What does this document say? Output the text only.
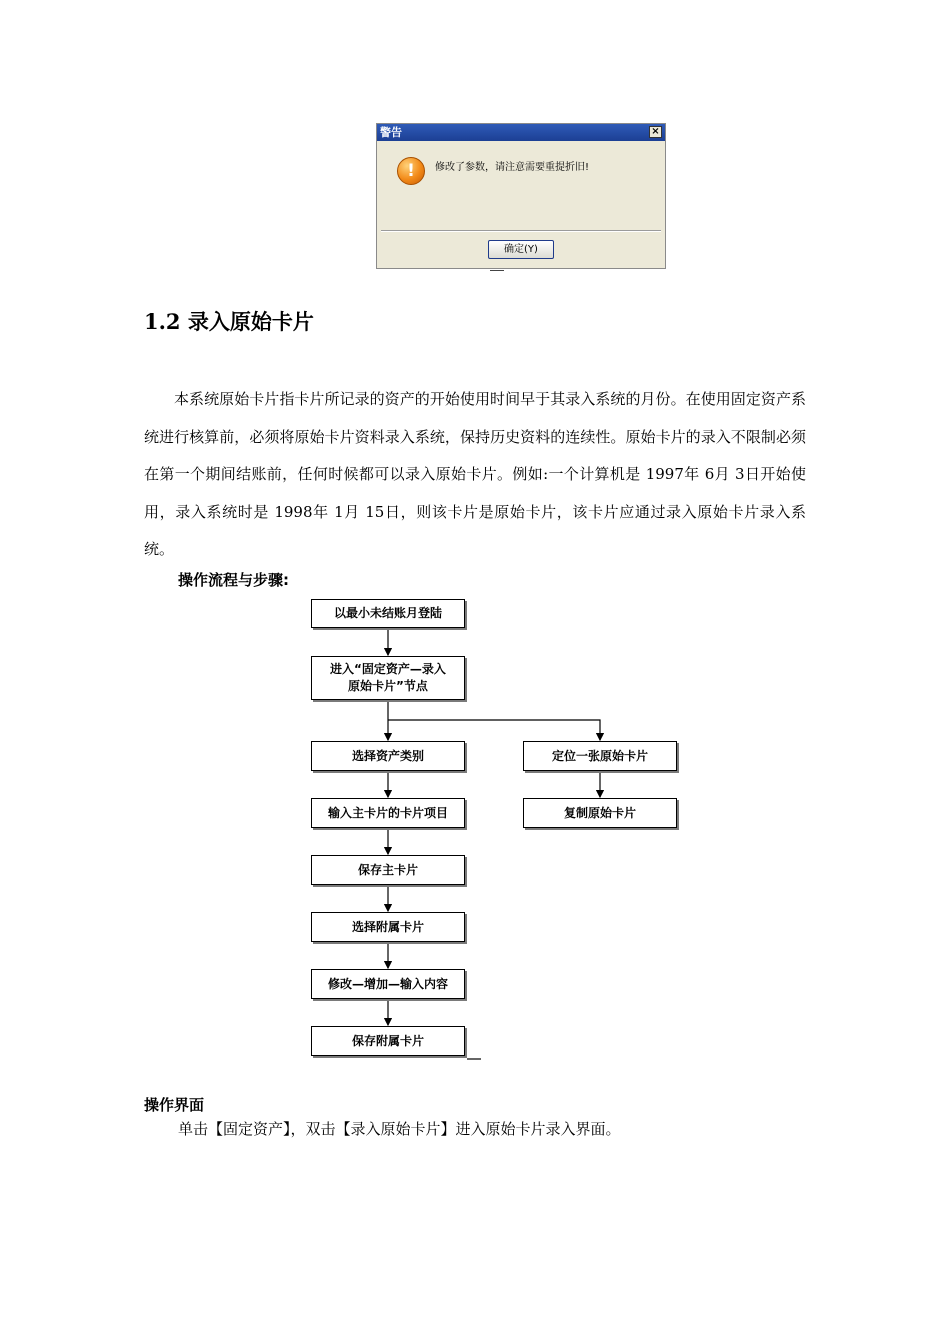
警告	×
!	修改了参数，请注意需要重提折旧!
确定(Y)
1.2 录入原始卡片
本系统原始卡片指卡片所记录的资产的开始使用时间早于其录入系统的月份。在使用固定资产系统进行核算前，必须将原始卡片资料录入系统，保持历史资料的连续性。原始卡片的录入不限制必须在第一个期间结账前，任何时候都可以录入原始卡片。例如:一个计算机是 1997年 6月 3日开始使用，录入系统时是 1998年 1月 15日，则该卡片是原始卡片，该卡片应通过录入原始卡片录入系统。
操作流程与步骤:
以最小未结账月登陆
进入“固定资产—录入
原始卡片”节点
选择资产类别
输入主卡片的卡片项目
保存主卡片
选择附属卡片
修改—增加—输入内容
保存附属卡片
定位一张原始卡片
复制原始卡片
操作界面
单击【固定资产】，双击【录入原始卡片】进入原始卡片录入界面。
